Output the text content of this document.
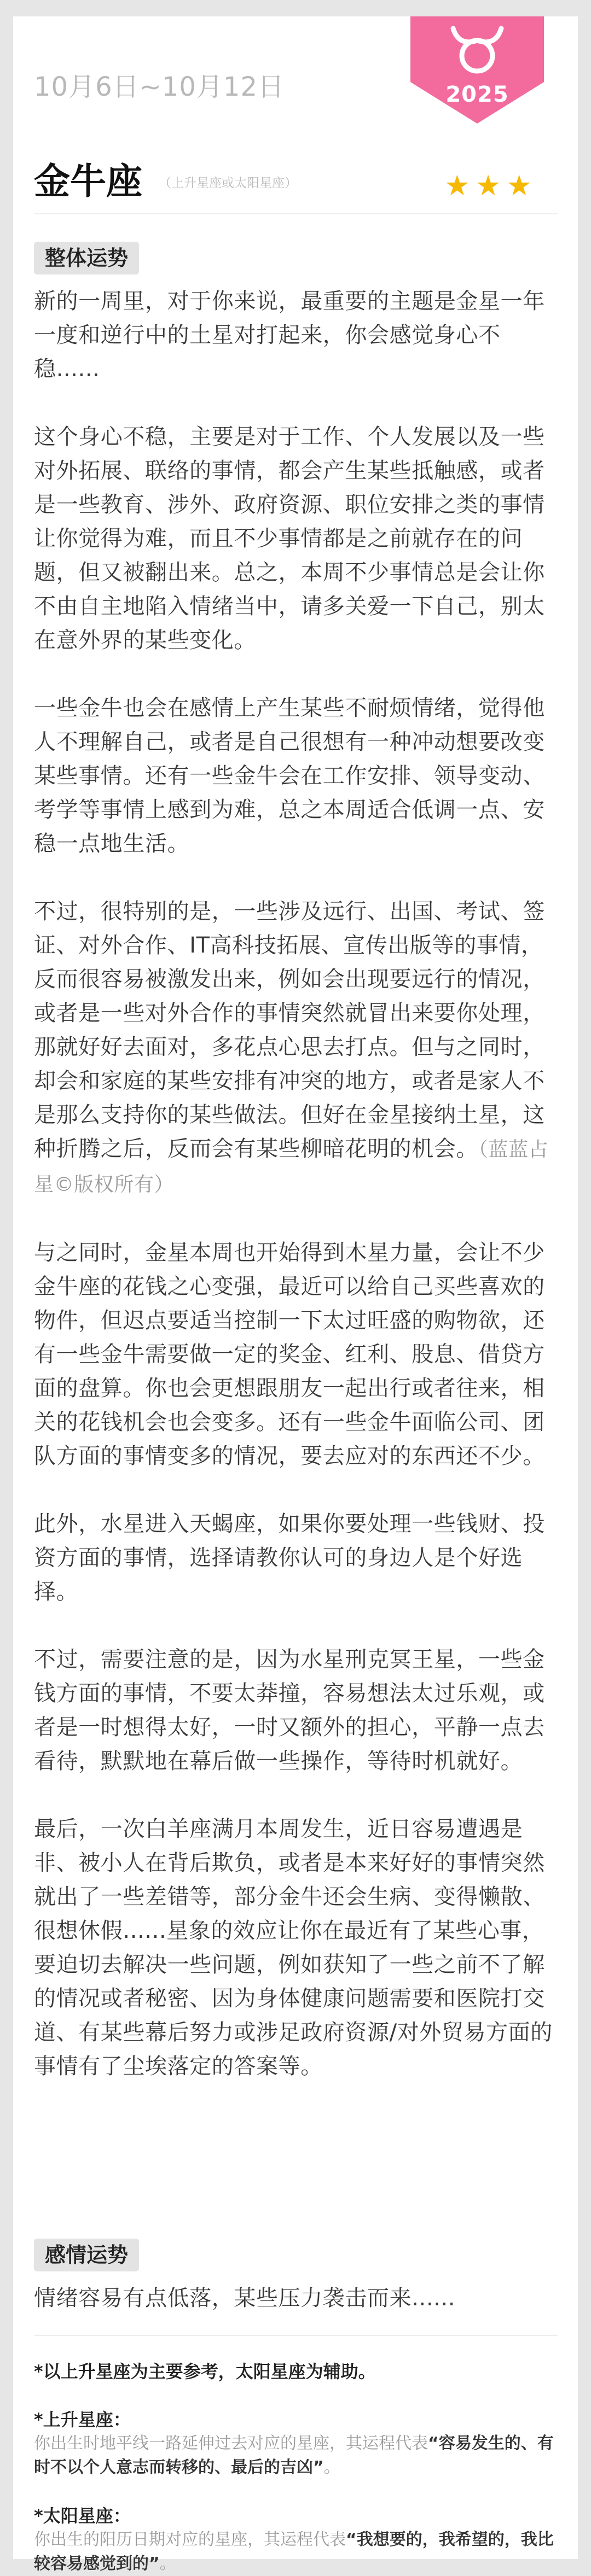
2025
10月6日~10月12日
金牛座 （上升星座或太阳星座）	★★★
整体运势

新的一周里，对于你来说，最重要的主题是金星一年一度和逆行中的土星对打起来，你会感觉身心不稳......

这个身心不稳，主要是对于工作、个人发展以及一些对外拓展、联络的事情，都会产生某些抵触感，或者是一些教育、涉外、政府资源、职位安排之类的事情让你觉得为难，而且不少事情都是之前就存在的问题，但又被翻出来。总之，本周不少事情总是会让你不由自主地陷入情绪当中，请多关爱一下自己，别太在意外界的某些变化。

一些金牛也会在感情上产生某些不耐烦情绪，觉得他人不理解自己，或者是自己很想有一种冲动想要改变某些事情。还有一些金牛会在工作安排、领导变动、考学等事情上感到为难，总之本周适合低调一点、安稳一点地生活。

不过，很特别的是，一些涉及远行、出国、考试、签证、对外合作、IT高科技拓展、宣传出版等的事情，反而很容易被激发出来，例如会出现要远行的情况，或者是一些对外合作的事情突然就冒出来要你处理，那就好好去面对，多花点心思去打点。但与之同时，却会和家庭的某些安排有冲突的地方，或者是家人不是那么支持你的某些做法。但好在金星接纳土星，这种折腾之后，反而会有某些柳暗花明的机会。（蓝蓝占星©版权所有）

与之同时，金星本周也开始得到木星力量，会让不少金牛座的花钱之心变强，最近可以给自己买些喜欢的物件，但迟点要适当控制一下太过旺盛的购物欲，还有一些金牛需要做一定的奖金、红利、股息、借贷方面的盘算。你也会更想跟朋友一起出行或者往来，相关的花钱机会也会变多。还有一些金牛面临公司、团队方面的事情变多的情况，要去应对的东西还不少。

此外，水星进入天蝎座，如果你要处理一些钱财、投资方面的事情，选择请教你认可的身边人是个好选择。

不过，需要注意的是，因为水星刑克冥王星，一些金钱方面的事情，不要太莽撞，容易想法太过乐观，或者是一时想得太好，一时又额外的担心，平静一点去看待，默默地在幕后做一些操作，等待时机就好。

最后，一次白羊座满月本周发生，近日容易遭遇是非、被小人在背后欺负，或者是本来好好的事情突然就出了一些差错等，部分金牛还会生病、变得懒散、很想休假......星象的效应让你在最近有了某些心事，要迫切去解决一些问题，例如获知了一些之前不了解的情况或者秘密、因为身体健康问题需要和医院打交道、有某些幕后努力或涉足政府资源/对外贸易方面的事情有了尘埃落定的答案等。

感情运势

情绪容易有点低落，某些压力袭击而来......

*以上升星座为主要参考，太阳星座为辅助。
*上升星座：
你出生时地平线一路延伸过去对应的星座，其运程代表“容易发生的、有时不以个人意志而转移的、最后的吉凶”。
*太阳星座：
你出生的阳历日期对应的星座，其运程代表“我想要的，我希望的，我比较容易感觉到的”。
